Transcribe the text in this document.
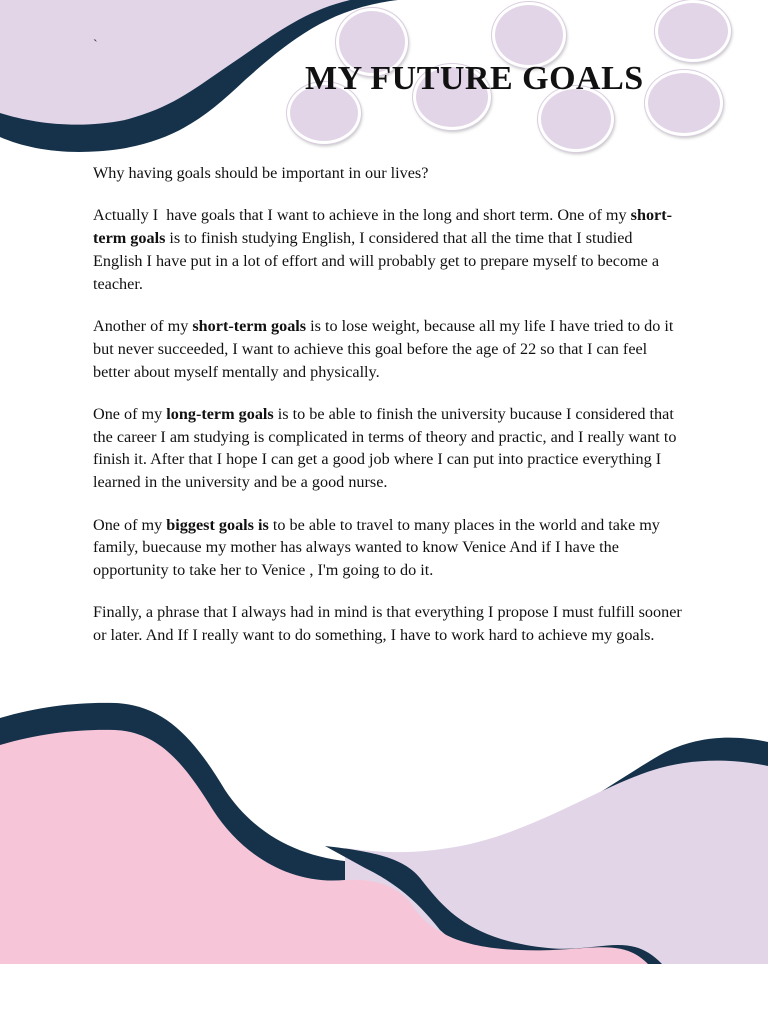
`
MY FUTURE GOALS

Why having goals should be important in our lives?

Actually I  have goals that I want to achieve in the long and short term. One of my short-term goals is to finish studying English, I considered that all the time that I studied English I have put in a lot of effort and will probably get to prepare myself to become a teacher.

Another of my short-term goals is to lose weight, because all my life I have tried to do it but never succeeded, I want to achieve this goal before the age of 22 so that I can feel better about myself mentally and physically.

One of my long-term goals is to be able to finish the university bucause I considered that the career I am studying is complicated in terms of theory and practic, and I really want to finish it. After that I hope I can get a good job where I can put into practice everything I learned in the university and be a good nurse.

One of my biggest goals is to be able to travel to many places in the world and take my family, buecause my mother has always wanted to know Venice And if I have the opportunity to take her to Venice , I'm going to do it.

Finally, a phrase that I always had in mind is that everything I propose I must fulfill sooner or later. And If I really want to do something, I have to work hard to achieve my goals.
